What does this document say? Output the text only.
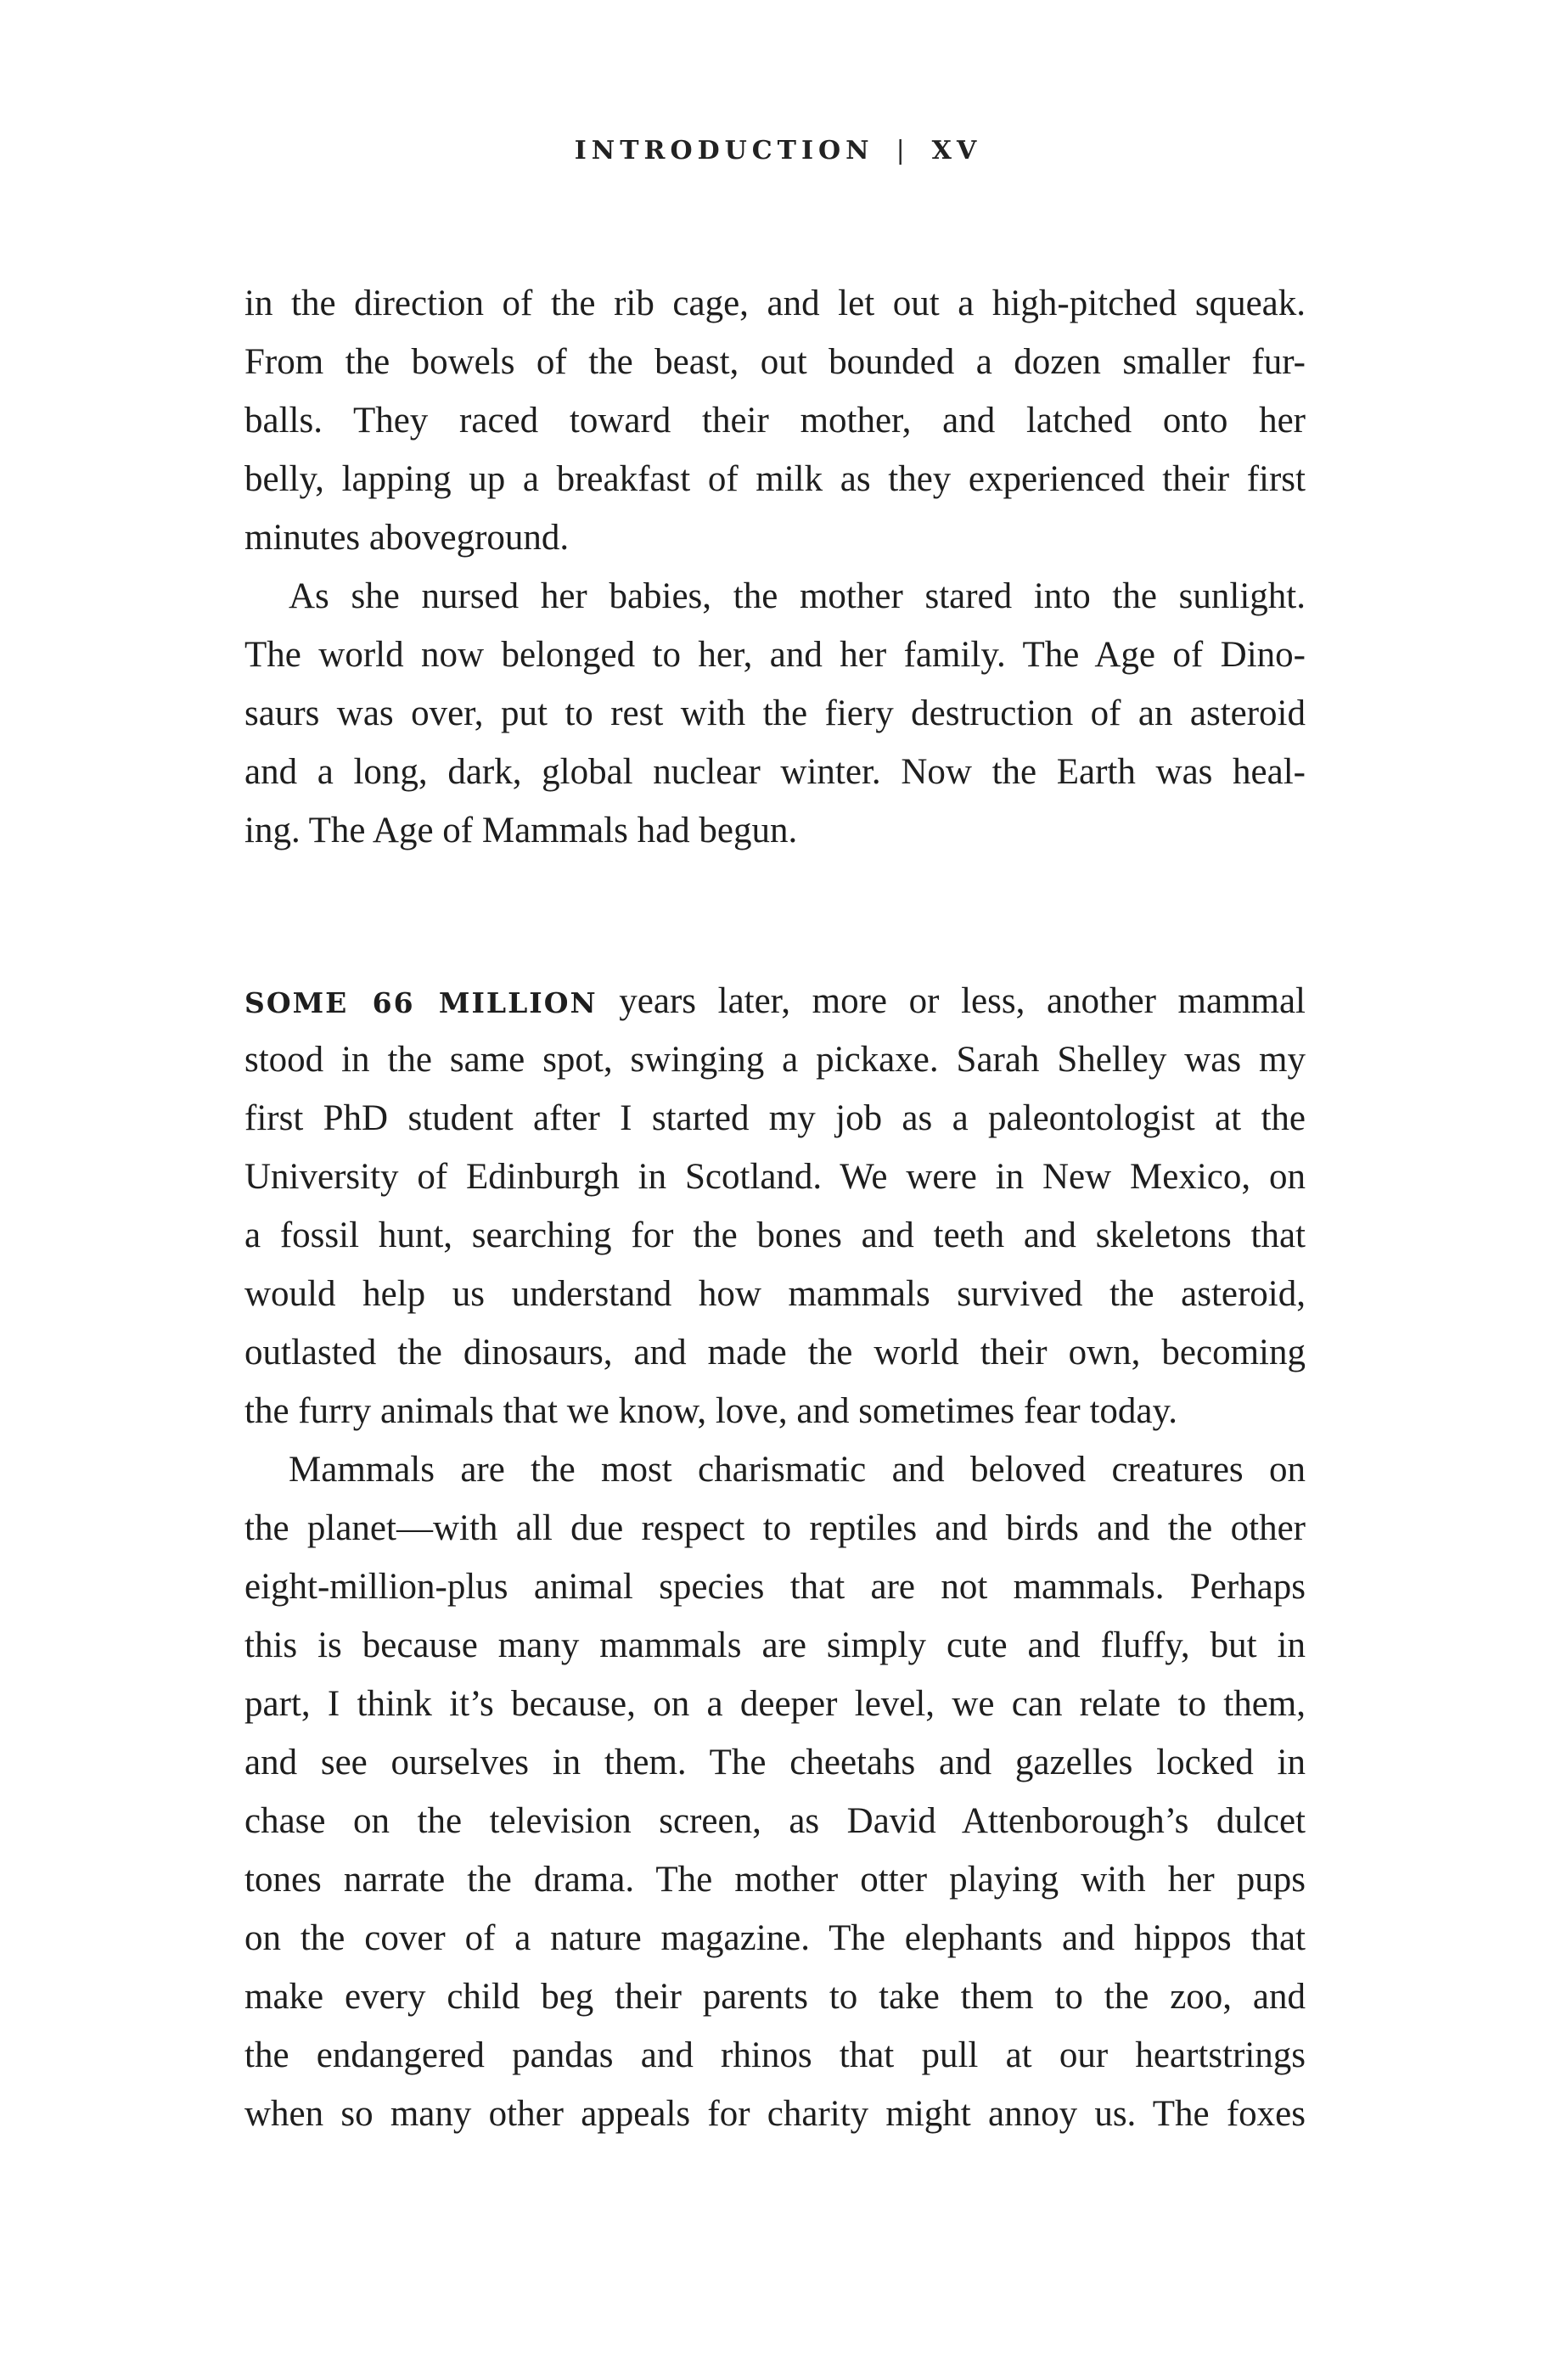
INTRODUCTION | XV
in the direction of the rib cage, and let out a high-pitched squeak.
From the bowels of the beast, out bounded a dozen smaller fur-
balls. They raced toward their mother, and latched onto her
belly, lapping up a breakfast of milk as they experienced their first
minutes aboveground.
As she nursed her babies, the mother stared into the sunlight.
The world now belonged to her, and her family. The Age of Dino-
saurs was over, put to rest with the fiery destruction of an asteroid
and a long, dark, global nuclear winter. Now the Earth was heal-
ing. The Age of Mammals had begun.
SOME 66 MILLION years later, more or less, another mammal
stood in the same spot, swinging a pickaxe. Sarah Shelley was my
first PhD student after I started my job as a paleontologist at the
University of Edinburgh in Scotland. We were in New Mexico, on
a fossil hunt, searching for the bones and teeth and skeletons that
would help us understand how mammals survived the asteroid,
outlasted the dinosaurs, and made the world their own, becoming
the furry animals that we know, love, and sometimes fear today.
Mammals are the most charismatic and beloved creatures on
the planet—with all due respect to reptiles and birds and the other
eight-million-plus animal species that are not mammals. Perhaps
this is because many mammals are simply cute and fluffy, but in
part, I think it’s because, on a deeper level, we can relate to them,
and see ourselves in them. The cheetahs and gazelles locked in
chase on the television screen, as David Attenborough’s dulcet
tones narrate the drama. The mother otter playing with her pups
on the cover of a nature magazine. The elephants and hippos that
make every child beg their parents to take them to the zoo, and
the endangered pandas and rhinos that pull at our heartstrings
when so many other appeals for charity might annoy us. The foxes
